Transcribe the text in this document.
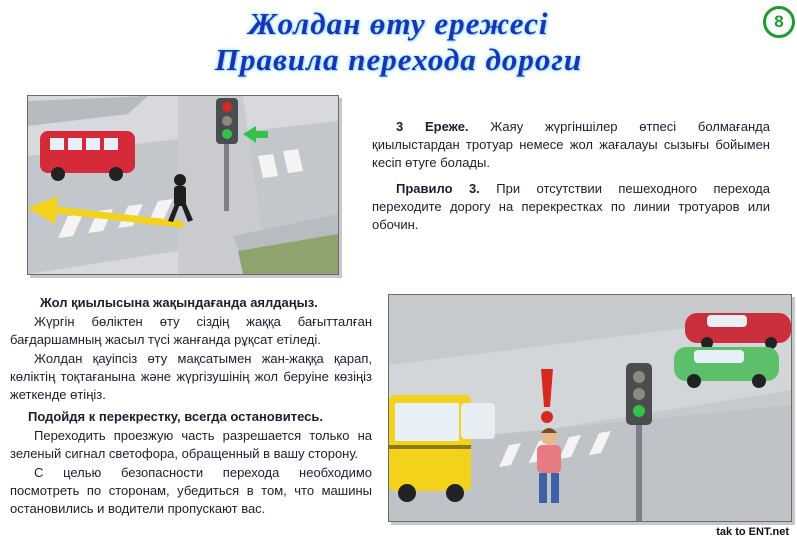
Жолдан өту ережесі
Правила перехода дороги
8

3 Ереже. Жаяу жүргіншілер өтпесі болмағанда қиылыстардан тротуар немесе жол жағалауы сызығы бойымен кесіп өтуге болады.

Правило 3. При отсутствии пешеходного перехода переходите дорогу на перекрестках по линии тротуаров или обочин.

Жол қиылысына жақындағанда аялдаңыз.

Жүргін бөліктен өту сіздің жаққа бағытталған бағдаршамның жасыл түсі жанғанда рұқсат етіледі.

Жолдан қауіпсіз өту мақсатымен жан-жаққа қарап, көліктің тоқтағанына және жүргізушінің жол беруіне көзіңіз жеткенде өтіңіз.

Подойдя к перекрестку, всегда остановитесь.

Переходить проезжую часть разрешается только на зеленый сигнал светофора, обращенный в вашу сторону.

С целью безопасности перехода необходимо посмотреть по сторонам, убедиться в том, что машины остановились и водители пропускают вас.

tak to ENT.net
